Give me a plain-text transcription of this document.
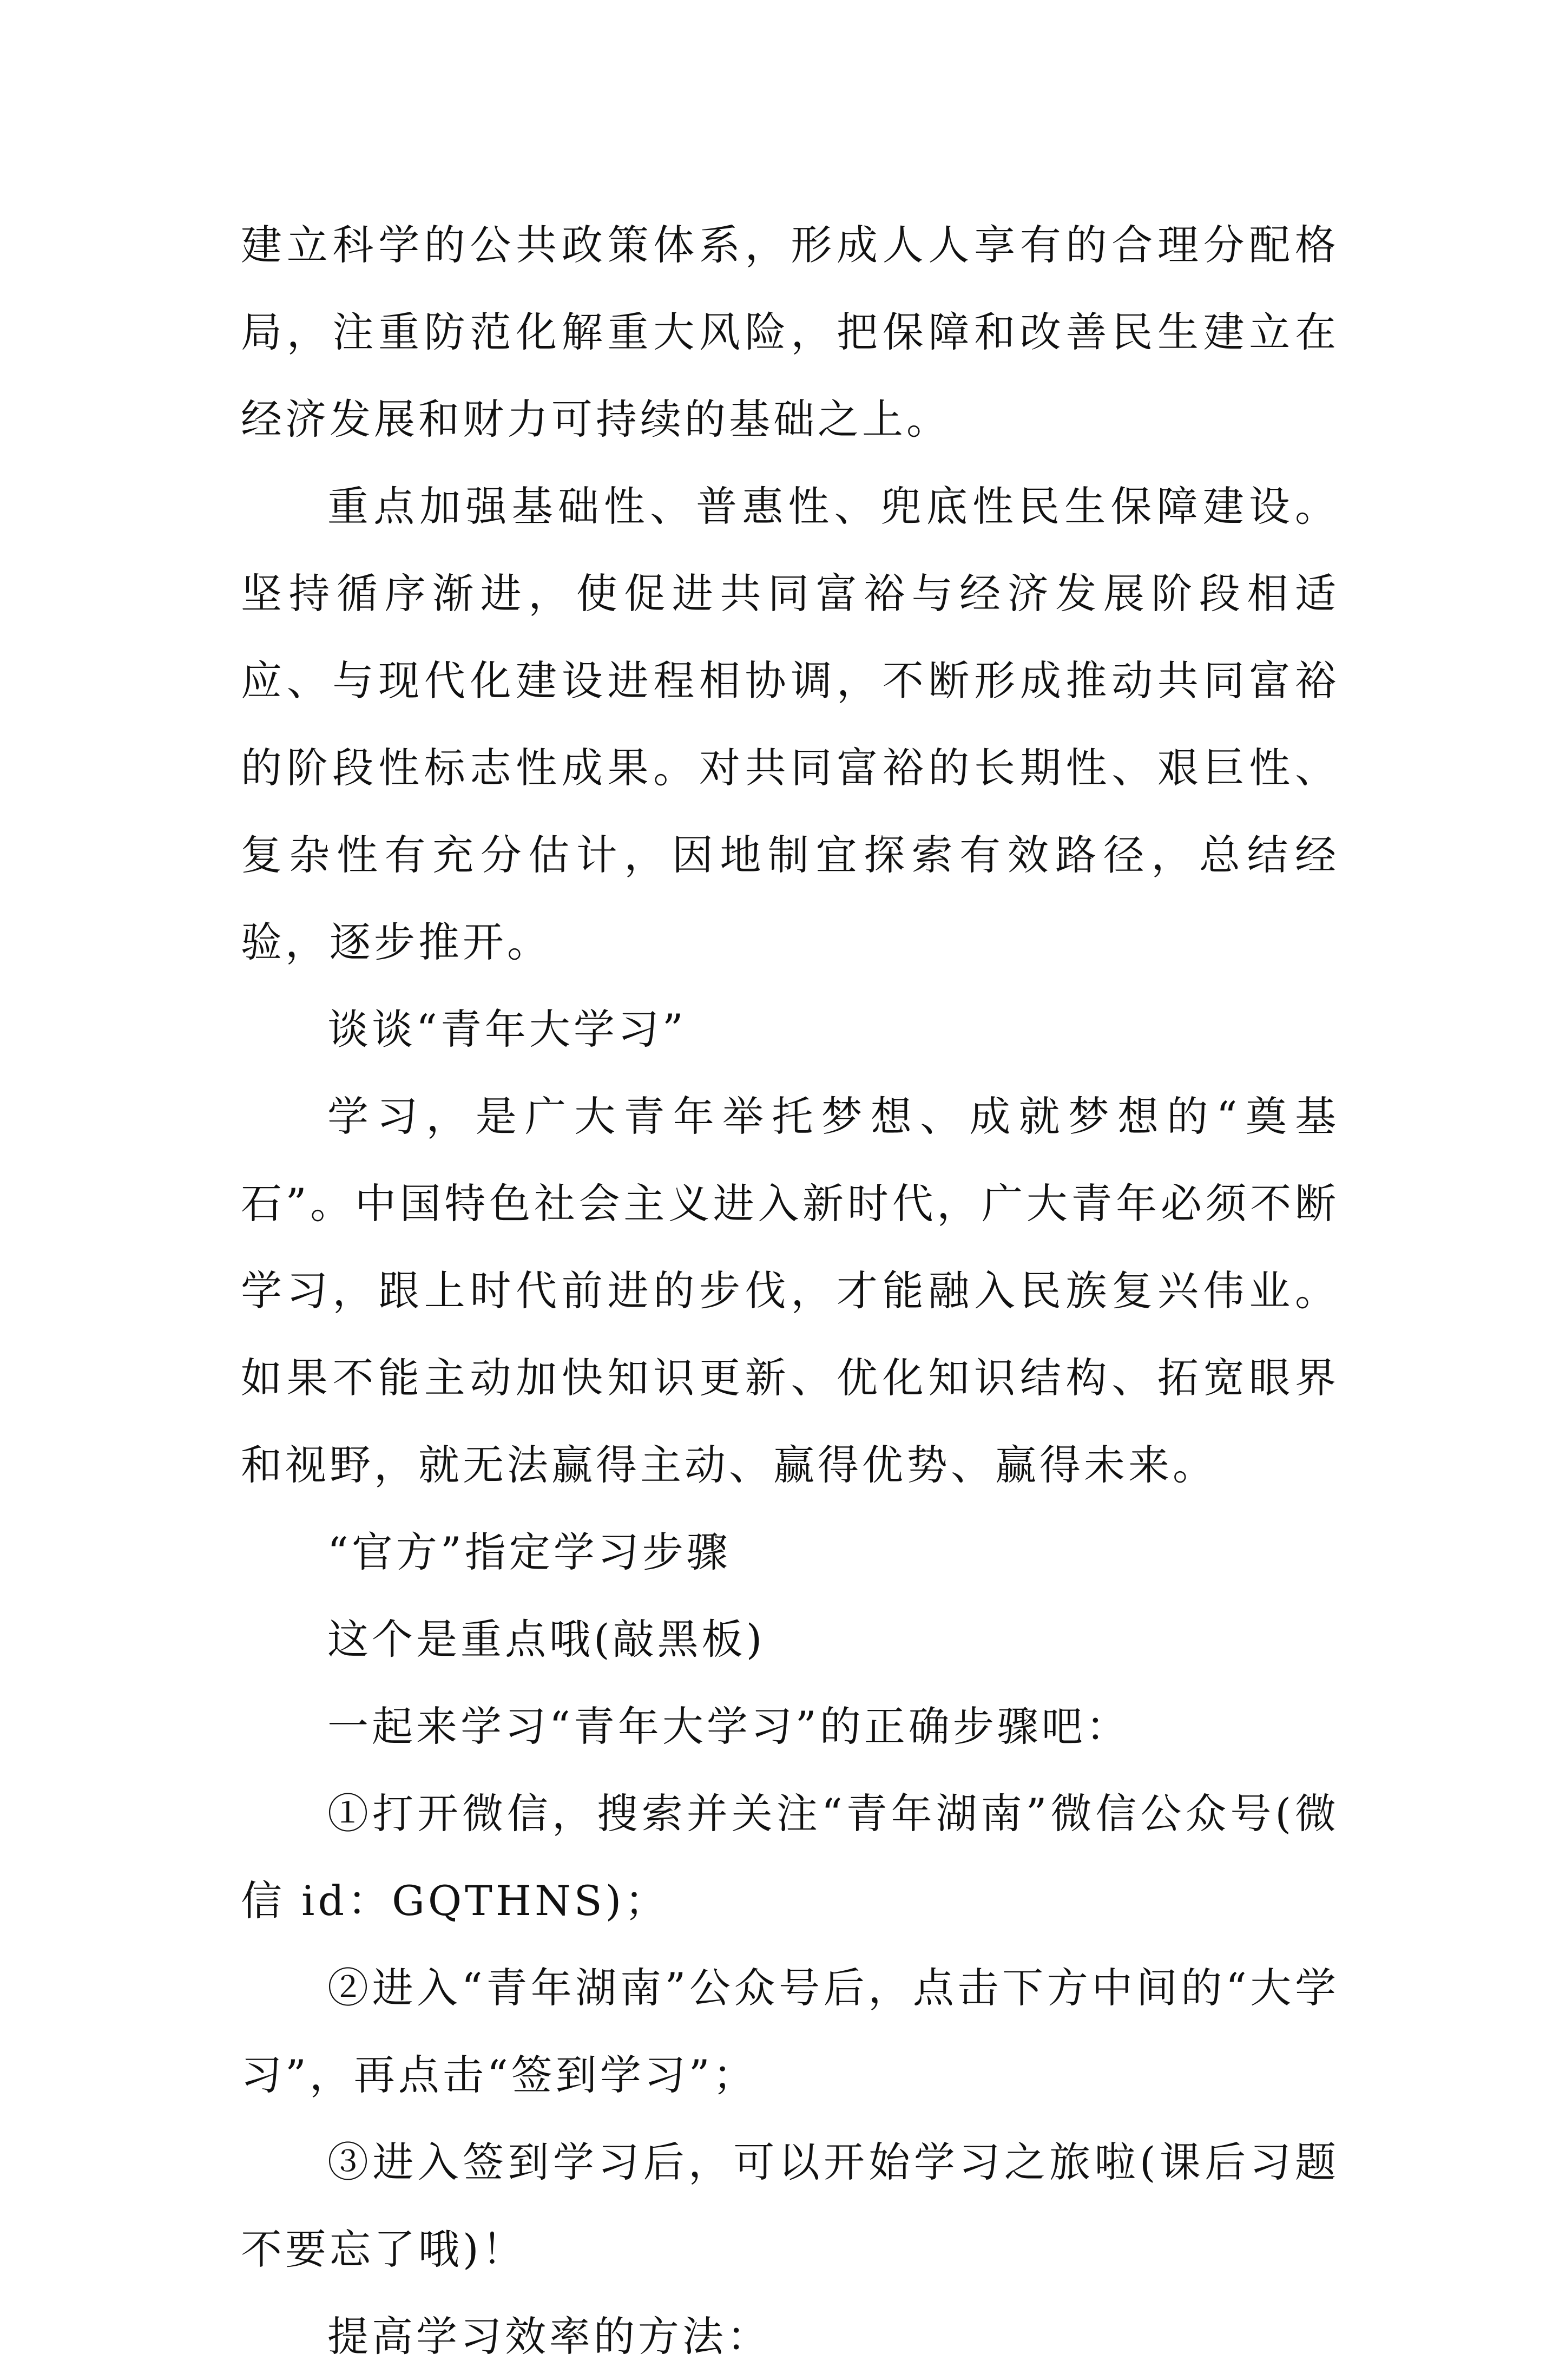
建立科学的公共政策体系，形成人人享有的合理分配格局，注重防范化解重大风险，把保障和改善民生建立在经济发展和财力可持续的基础之上。

重点加强基础性、普惠性、兜底性民生保障建设。坚持循序渐进，使促进共同富裕与经济发展阶段相适应、与现代化建设进程相协调，不断形成推动共同富裕的阶段性标志性成果。对共同富裕的长期性、艰巨性、复杂性有充分估计，因地制宜探索有效路径，总结经验，逐步推开。

谈谈“青年大学习”

学习，是广大青年举托梦想、成就梦想的“奠基石”。中国特色社会主义进入新时代，广大青年必须不断学习，跟上时代前进的步伐，才能融入民族复兴伟业。如果不能主动加快知识更新、优化知识结构、拓宽眼界和视野，就无法赢得主动、赢得优势、赢得未来。

“官方”指定学习步骤

这个是重点哦(敲黑板)

一起来学习“青年大学习”的正确步骤吧：

①打开微信，搜索并关注“青年湖南”微信公众号(微信 id：GQTHNS)；

②进入“青年湖南”公众号后，点击下方中间的“大学习”，再点击“签到学习”；

③进入签到学习后，可以开始学习之旅啦(课后习题不要忘了哦)！

提高学习效率的方法：
